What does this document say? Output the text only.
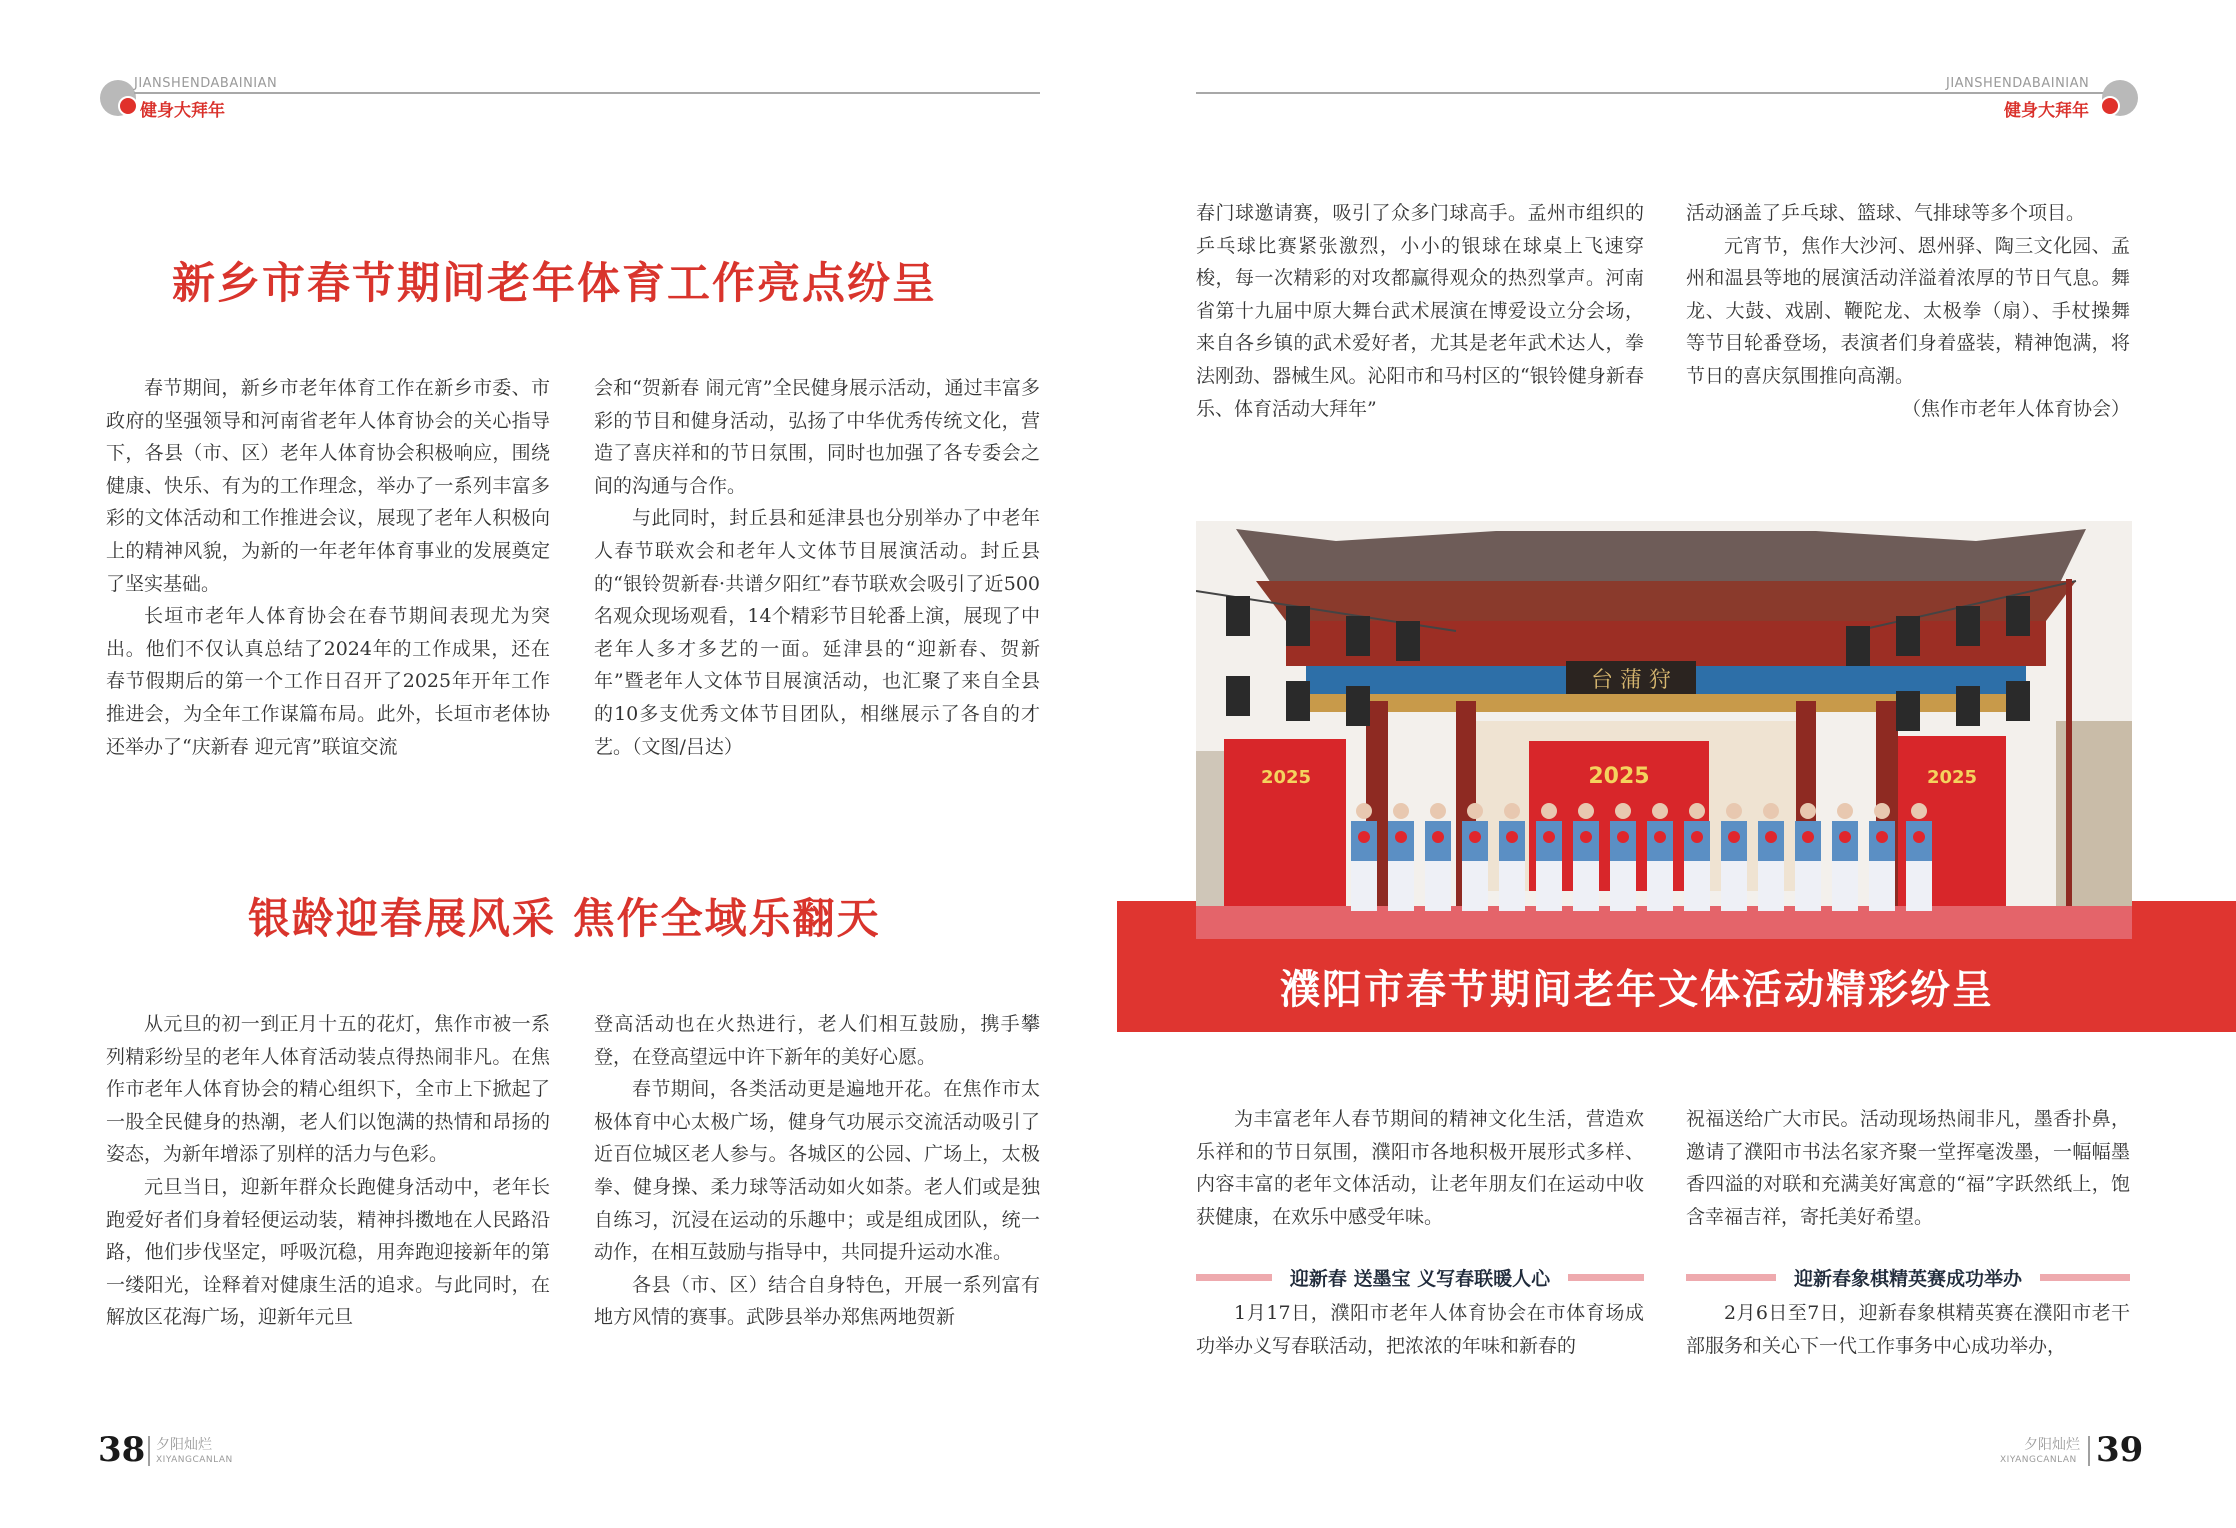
JIANSHENDABAINIAN
健身大拜年
JIANSHENDABAINIAN
健身大拜年
新乡市春节期间老年体育工作亮点纷呈

春节期间，新乡市老年体育工作在新乡市委、市政府的坚强领导和河南省老年人体育协会的关心指导下，各县（市、区）老年人体育协会积极响应，围绕健康、快乐、有为的工作理念，举办了一系列丰富多彩的文体活动和工作推进会议，展现了老年人积极向上的精神风貌，为新的一年老年体育事业的发展奠定了坚实基础。

长垣市老年人体育协会在春节期间表现尤为突出。他们不仅认真总结了2024年的工作成果，还在春节假期后的第一个工作日召开了2025年开年工作推进会，为全年工作谋篇布局。此外，长垣市老体协还举办了“庆新春 迎元宵”联谊交流

会和“贺新春 闹元宵”全民健身展示活动，通过丰富多彩的节目和健身活动，弘扬了中华优秀传统文化，营造了喜庆祥和的节日氛围，同时也加强了各专委会之间的沟通与合作。

与此同时，封丘县和延津县也分别举办了中老年人春节联欢会和老年人文体节目展演活动。封丘县的“银铃贺新春·共谱夕阳红”春节联欢会吸引了近500名观众现场观看，14个精彩节目轮番上演，展现了中老年人多才多艺的一面。延津县的“迎新春、贺新年”暨老年人文体节目展演活动，也汇聚了来自全县的10多支优秀文体节目团队，相继展示了各自的才艺。（文图/吕达）

银龄迎春展风采 焦作全域乐翻天

从元旦的初一到正月十五的花灯，焦作市被一系列精彩纷呈的老年人体育活动装点得热闹非凡。在焦作市老年人体育协会的精心组织下，全市上下掀起了一股全民健身的热潮，老人们以饱满的热情和昂扬的姿态，为新年增添了别样的活力与色彩。

元旦当日，迎新年群众长跑健身活动中，老年长跑爱好者们身着轻便运动装，精神抖擞地在人民路沿路，他们步伐坚定，呼吸沉稳，用奔跑迎接新年的第一缕阳光，诠释着对健康生活的追求。与此同时，在解放区花海广场，迎新年元旦

登高活动也在火热进行，老人们相互鼓励，携手攀登，在登高望远中许下新年的美好心愿。

春节期间，各类活动更是遍地开花。在焦作市太极体育中心太极广场，健身气功展示交流活动吸引了近百位城区老人参与。各城区的公园、广场上，太极拳、健身操、柔力球等活动如火如荼。老人们或是独自练习，沉浸在运动的乐趣中；或是组成团队，统一动作，在相互鼓励与指导中，共同提升运动水准。

各县（市、区）结合自身特色，开展一系列富有地方风情的赛事。武陟县举办郑焦两地贺新

春门球邀请赛，吸引了众多门球高手。孟州市组织的乒乓球比赛紧张激烈，小小的银球在球桌上飞速穿梭，每一次精彩的对攻都赢得观众的热烈掌声。河南省第十九届中原大舞台武术展演在博爱设立分会场，来自各乡镇的武术爱好者，尤其是老年武术达人，拳法刚劲、器械生风。沁阳市和马村区的“银铃健身新春乐、体育活动大拜年”

活动涵盖了乒乓球、篮球、气排球等多个项目。

元宵节，焦作大沙河、恩州驿、陶三文化园、孟州和温县等地的展演活动洋溢着浓厚的节日气息。舞龙、大鼓、戏剧、鞭陀龙、太极拳（扇）、手杖操舞等节目轮番登场，表演者们身着盛装，精神饱满，将节日的喜庆氛围推向高潮。

（焦作市老年人体育协会）

台 蒲 狩
2025
2025	2025
濮阳市春节期间老年文体活动精彩纷呈

为丰富老年人春节期间的精神文化生活，营造欢乐祥和的节日氛围，濮阳市各地积极开展形式多样、内容丰富的老年文体活动，让老年朋友们在运动中收获健康，在欢乐中感受年味。

迎新春 送墨宝 义写春联暖人心

1月17日，濮阳市老年人体育协会在市体育场成功举办义写春联活动，把浓浓的年味和新春的

祝福送给广大市民。活动现场热闹非凡，墨香扑鼻，邀请了濮阳市书法名家齐聚一堂挥毫泼墨，一幅幅墨香四溢的对联和充满美好寓意的“福”字跃然纸上，饱含幸福吉祥，寄托美好希望。

迎新春象棋精英赛成功举办

2月6日至7日，迎新春象棋精英赛在濮阳市老干部服务和关心下一代工作事务中心成功举办，

38 夕阳灿烂
XIYANGCANLAN
夕阳灿烂
XIYANGCANLAN 39
